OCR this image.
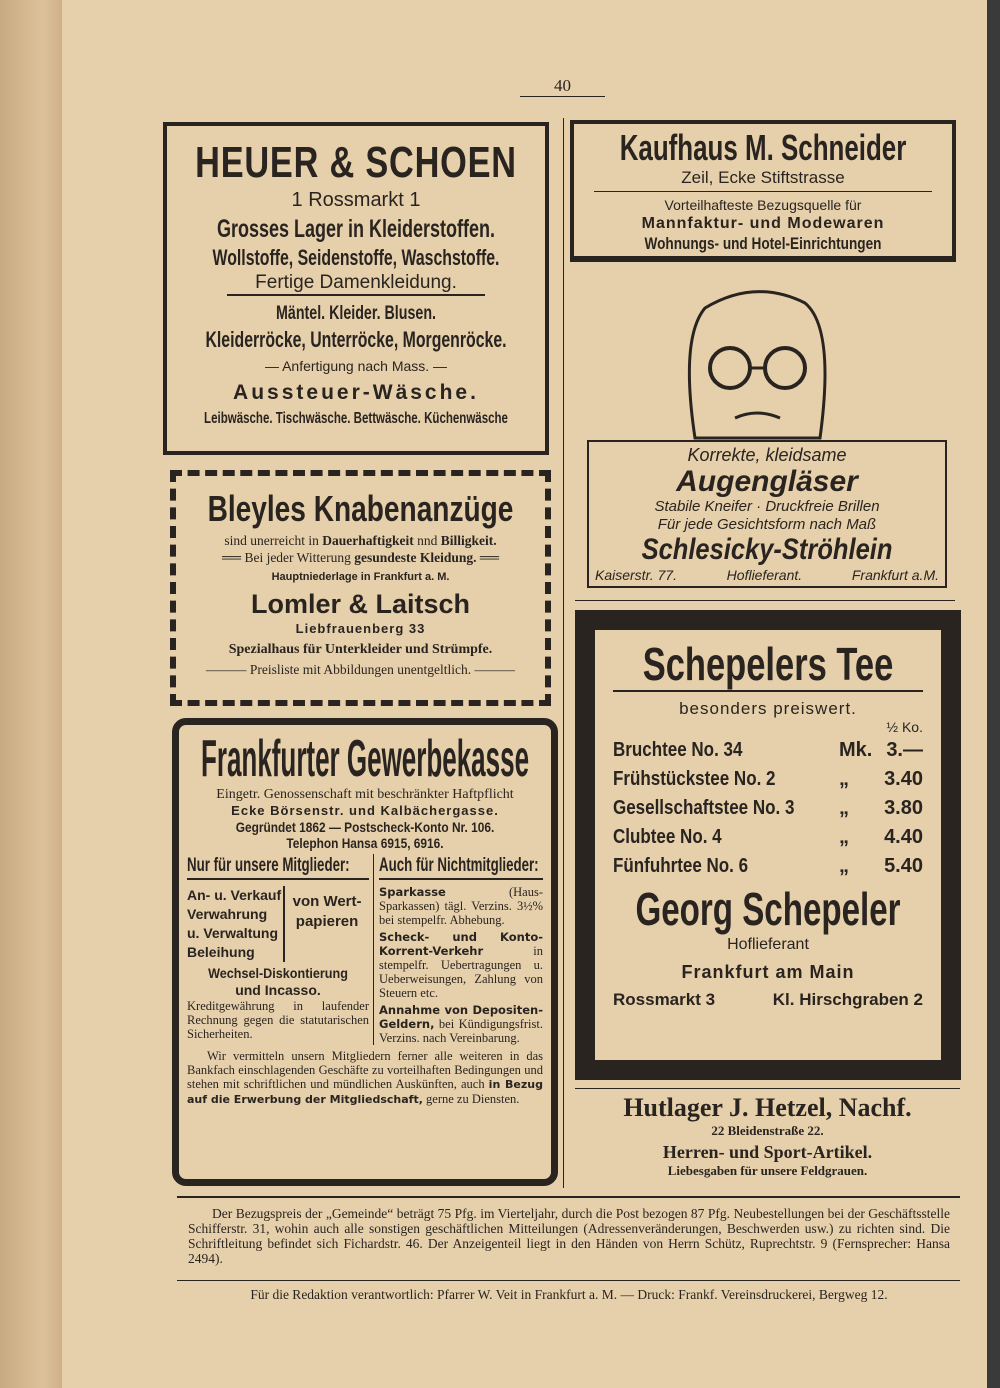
40
HEUER & SCHOEN
1 Rossmarkt 1
Grosses Lager in Kleiderstoffen.
Wollstoffe, Seidenstoffe, Waschstoffe.
Fertige Damenkleidung.
Mäntel. Kleider. Blusen.
Kleiderröcke, Unterröcke, Morgenröcke.
— Anfertigung nach Mass. —
Aussteuer-Wäsche.
Leibwäsche. Tischwäsche. Bettwäsche. Küchenwäsche
Bleyles Knabenanzüge
sind unerreicht in Dauerhaftigkeit nnd Billigkeit.
══ Bei jeder Witterung gesundeste Kleidung. ══
Hauptniederlage in Frankfurt a. M.
Lomler & Laitsch
Liebfrauenberg 33
Spezialhaus für Unterkleider und Strümpfe.
——— Preisliste mit Abbildungen unentgeltlich. ———
Frankfurter Gewerbekasse
Eingetr. Genossenschaft mit beschränkter Haftpflicht
Ecke Börsenstr. und Kalbächergasse.
Gegründet 1862 — Postscheck-Konto Nr. 106.
Telephon Hansa 6915, 6916.
Nur für unsere Mitglieder:
An- u. Verkauf
Verwahrung
u. Verwaltung
Beleihung
von Wert-papieren
Wechsel-Diskontierung
und Incasso.
Kreditgewährung in laufender Rechnung gegen die statutarischen Sicherheiten.
Auch für Nichtmitglieder:
Sparkasse (Haus-Sparkassen) tägl. Verzins. 3½% bei stempelfr. Abhebung.
Scheck- und Konto-Korrent-Verkehr in stempelfr. Uebertragungen u. Ueberweisungen, Zahlung von Steuern etc.
Annahme von Depositen-Geldern, bei Kündigungsfrist. Verzins. nach Vereinbarung.
Wir vermitteln unsern Mitgliedern ferner alle weiteren in das Bankfach einschlagenden Geschäfte zu vorteilhaften Bedingungen und stehen mit schriftlichen und mündlichen Auskünften, auch in Bezug auf die Erwerbung der Mitgliedschaft, gerne zu Diensten.
Kaufhaus M. Schneider
Zeil, Ecke Stiftstrasse
Vorteilhafteste Bezugsquelle für
Mannfaktur- und Modewaren
Wohnungs- und Hotel-Einrichtungen
Korrekte, kleidsame
Augengläser
Stabile Kneifer · Druckfreie Brillen
Für jede Gesichtsform nach Maß
Schlesicky-Ströhlein
Kaiserstr. 77.	Hoflieferant.	Frankfurt a.M.
Schepelers Tee
besonders preiswert.
½ Ko.
Bruchtee No. 34	Mk. 3.—
Frühstückstee No. 2	„	3.40
Gesellschaftstee No. 3	„	3.80
Clubtee No. 4	„	4.40
Fünfuhrtee No. 6	„	5.40
Georg Schepeler
Hoflieferant
Frankfurt am Main
Rossmarkt 3	Kl. Hirschgraben 2
Hutlager J. Hetzel, Nachf.
22 Bleidenstraße 22.
Herren- und Sport-Artikel.
Liebesgaben für unsere Feldgrauen.
Der Bezugspreis der „Gemeinde“ beträgt 75 Pfg. im Vierteljahr, durch die Post bezogen 87 Pfg. Neubestellungen bei der Geschäftsstelle Schifferstr. 31, wohin auch alle sonstigen geschäftlichen Mitteilungen (Adressenveränderungen, Beschwerden usw.) zu richten sind. Die Schriftleitung befindet sich Fichardstr. 46. Der Anzeigenteil liegt in den Händen von Herrn Schütz, Ruprechtstr. 9 (Fernsprecher: Hansa 2494).
Für die Redaktion verantwortlich: Pfarrer W. Veit in Frankfurt a. M. — Druck: Frankf. Vereinsdruckerei, Bergweg 12.
